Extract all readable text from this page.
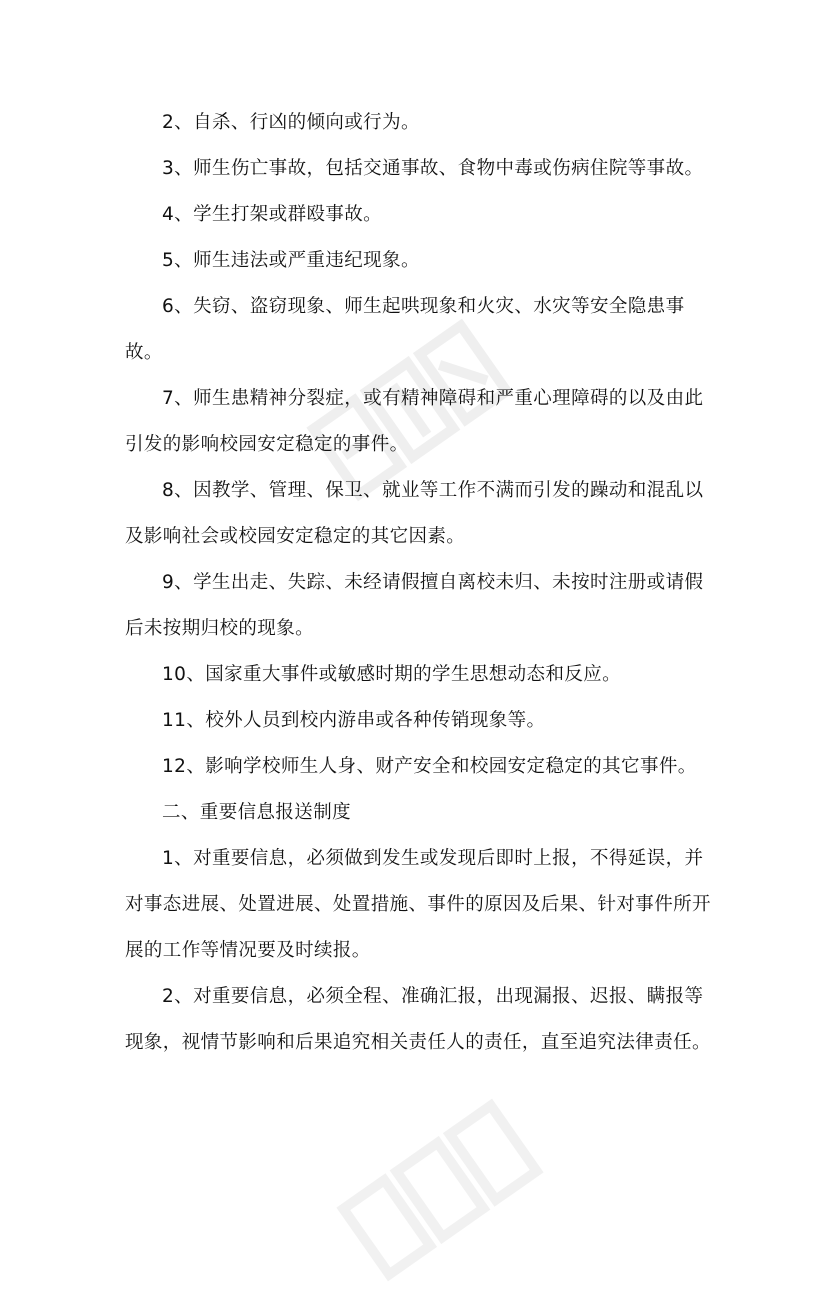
2、自杀、行凶的倾向或行为。

3、师生伤亡事故，包括交通事故、食物中毒或伤病住院等事故。

4、学生打架或群殴事故。

5、师生违法或严重违纪现象。

6、失窃、盗窃现象、师生起哄现象和火灾、水灾等安全隐患事故。

7、师生患精神分裂症，或有精神障碍和严重心理障碍的以及由此引发的影响校园安定稳定的事件。

8、因教学、管理、保卫、就业等工作不满而引发的躁动和混乱以及影响社会或校园安定稳定的其它因素。

9、学生出走、失踪、未经请假擅自离校未归、未按时注册或请假后未按期归校的现象。

10、国家重大事件或敏感时期的学生思想动态和反应。

11、校外人员到校内游串或各种传销现象等。

12、影响学校师生人身、财产安全和校园安定稳定的其它事件。

二、重要信息报送制度

1、对重要信息，必须做到发生或发现后即时上报，不得延误，并对事态进展、处置进展、处置措施、事件的原因及后果、针对事件所开展的工作等情况要及时续报。

2、对重要信息，必须全程、准确汇报，出现漏报、迟报、瞒报等现象，视情节影响和后果追究相关责任人的责任，直至追究法律责任。
